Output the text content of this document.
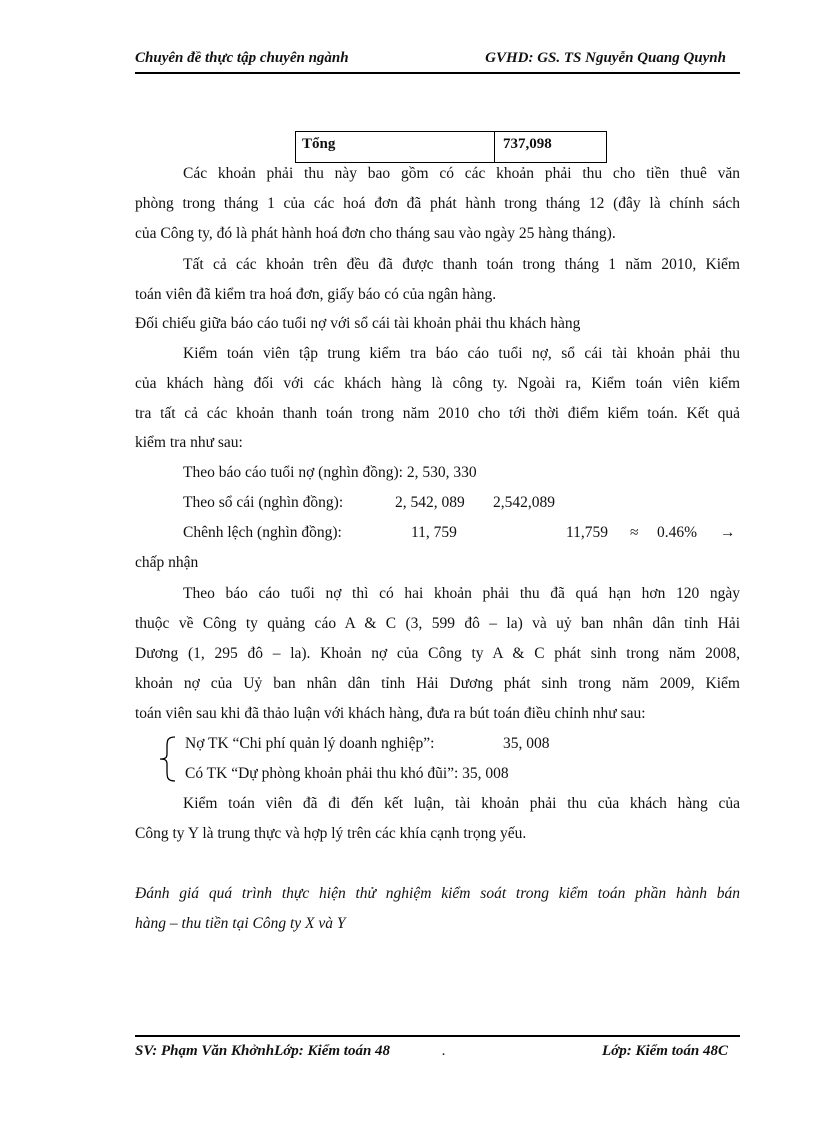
Chuyên đề thực tập chuyên ngành	GVHD: GS. TS Nguyễn Quang Quynh
Tổng	737,098
Các khoản phải thu này bao gồm có các khoản phải thu cho tiền thuê văn
phòng trong tháng 1 của các hoá đơn đã phát hành trong tháng 12 (đây là chính sách
của Công ty, đó là phát hành hoá đơn cho tháng sau vào ngày 25 hàng tháng).
Tất cả các khoản trên đều đã được thanh toán trong tháng 1 năm 2010, Kiểm
toán viên đã kiểm tra hoá đơn, giấy báo có của ngân hàng.
Đối chiếu giữa báo cáo tuổi nợ với sổ cái tài khoản phải thu khách hàng
Kiểm toán viên tập trung kiểm tra báo cáo tuổi nợ, sổ cái tài khoản phải thu
của khách hàng đối với các khách hàng là công ty. Ngoài ra, Kiểm toán viên kiểm
tra tất cả các khoản thanh toán trong năm 2010 cho tới thời điểm kiểm toán. Kết quả
kiểm tra như sau:
Theo báo cáo tuổi nợ (nghìn đồng): 2, 530, 330
Theo sổ cái (nghìn đồng):	2, 542, 089 2,542,089
Chênh lệch (nghìn đồng):	11, 759	11,759 ≈ 0.46% →
chấp nhận
Theo báo cáo tuổi nợ thì có hai khoản phải thu đã quá hạn hơn 120 ngày
thuộc về Công ty quảng cáo A & C (3, 599 đô – la) và uỷ ban nhân dân tỉnh Hải
Dương (1, 295 đô – la). Khoản nợ của Công ty A & C phát sinh trong năm 2008,
khoản nợ của Uỷ ban nhân dân tỉnh Hải Dương phát sinh trong năm 2009, Kiểm
toán viên sau khi đã thảo luận với khách hàng, đưa ra bút toán điều chỉnh như sau:
Nợ TK “Chi phí quản lý doanh nghiệp”:	35, 008
Có TK “Dự phòng khoản phải thu khó đũi”: 35, 008
Kiểm toán viên đã đi đến kết luận, tài khoản phải thu của khách hàng của
Công ty Y là trung thực và hợp lý trên các khía cạnh trọng yếu.
Đánh giá quá trình thực hiện thử nghiệm kiểm soát trong kiểm toán phần hành bán
hàng – thu tiền tại Công ty X và Y
SV: Phạm Văn KhởnhLớp: Kiểm toán 48	.	Lớp: Kiểm toán 48C
